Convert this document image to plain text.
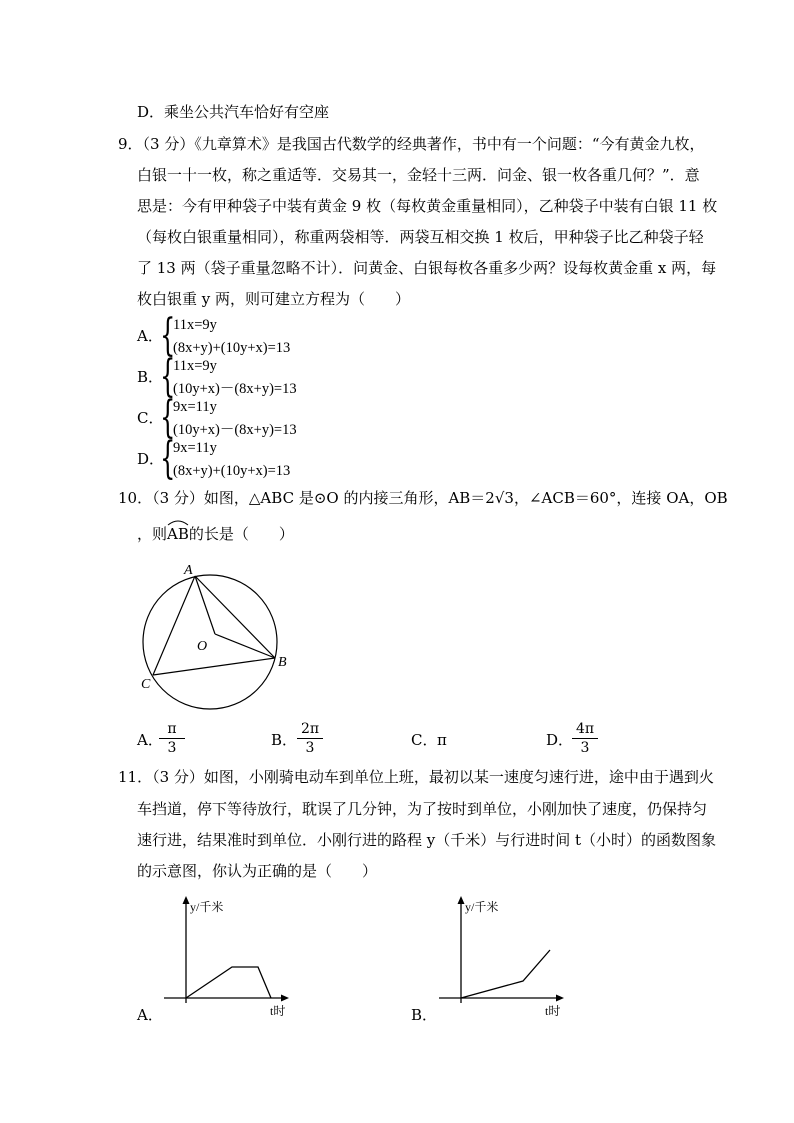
D．乘坐公共汽车恰好有空座
9．（3 分）《九章算术》是我国古代数学的经典著作，书中有一个问题：“今有黄金九枚，
白银一十一枚，称之重适等．交易其一，金轻十三两．问金、银一枚各重几何？”．意
思是：今有甲种袋子中装有黄金 9 枚（每枚黄金重量相同），乙种袋子中装有白银 11 枚
（每枚白银重量相同），称重两袋相等．两袋互相交换 1 枚后，甲种袋子比乙种袋子轻
了 13 两（袋子重量忽略不计）．问黄金、白银每枚各重多少两？设每枚黄金重 x 两，每
枚白银重 y 两，则可建立方程为（　　）
A．
{
11x=9y
(8x+y)+(10y+x)=13
B．
{
11x=9y
(10y+x)－(8x+y)=13
C．
{
9x=11y
(10y+x)－(8x+y)=13
D．
{
9x=11y
(8x+y)+(10y+x)=13
10．（3 分）如图，△ABC 是⊙O 的内接三角形，AB＝2√3，∠ACB＝60°，连接 OA，OB
，则
AB的长是（　　）
A
B
C
O
A．
$\frac{\pi}{3}$	B． $\frac{2\pi}{3}$	C． π	D．
$\frac{4\pi}{3}$
11．（3 分）如图，小刚骑电动车到单位上班，最初以某一速度匀速行进，途中由于遇到火
车挡道，停下等待放行，耽误了几分钟，为了按时到单位，小刚加快了速度，仍保持匀
速行进，结果准时到单位．小刚行进的路程 y（千米）与行进时间 t（小时）的函数图象
的示意图，你认为正确的是（　　）
A．
y/千米
t时	B．
y/千米
t时
